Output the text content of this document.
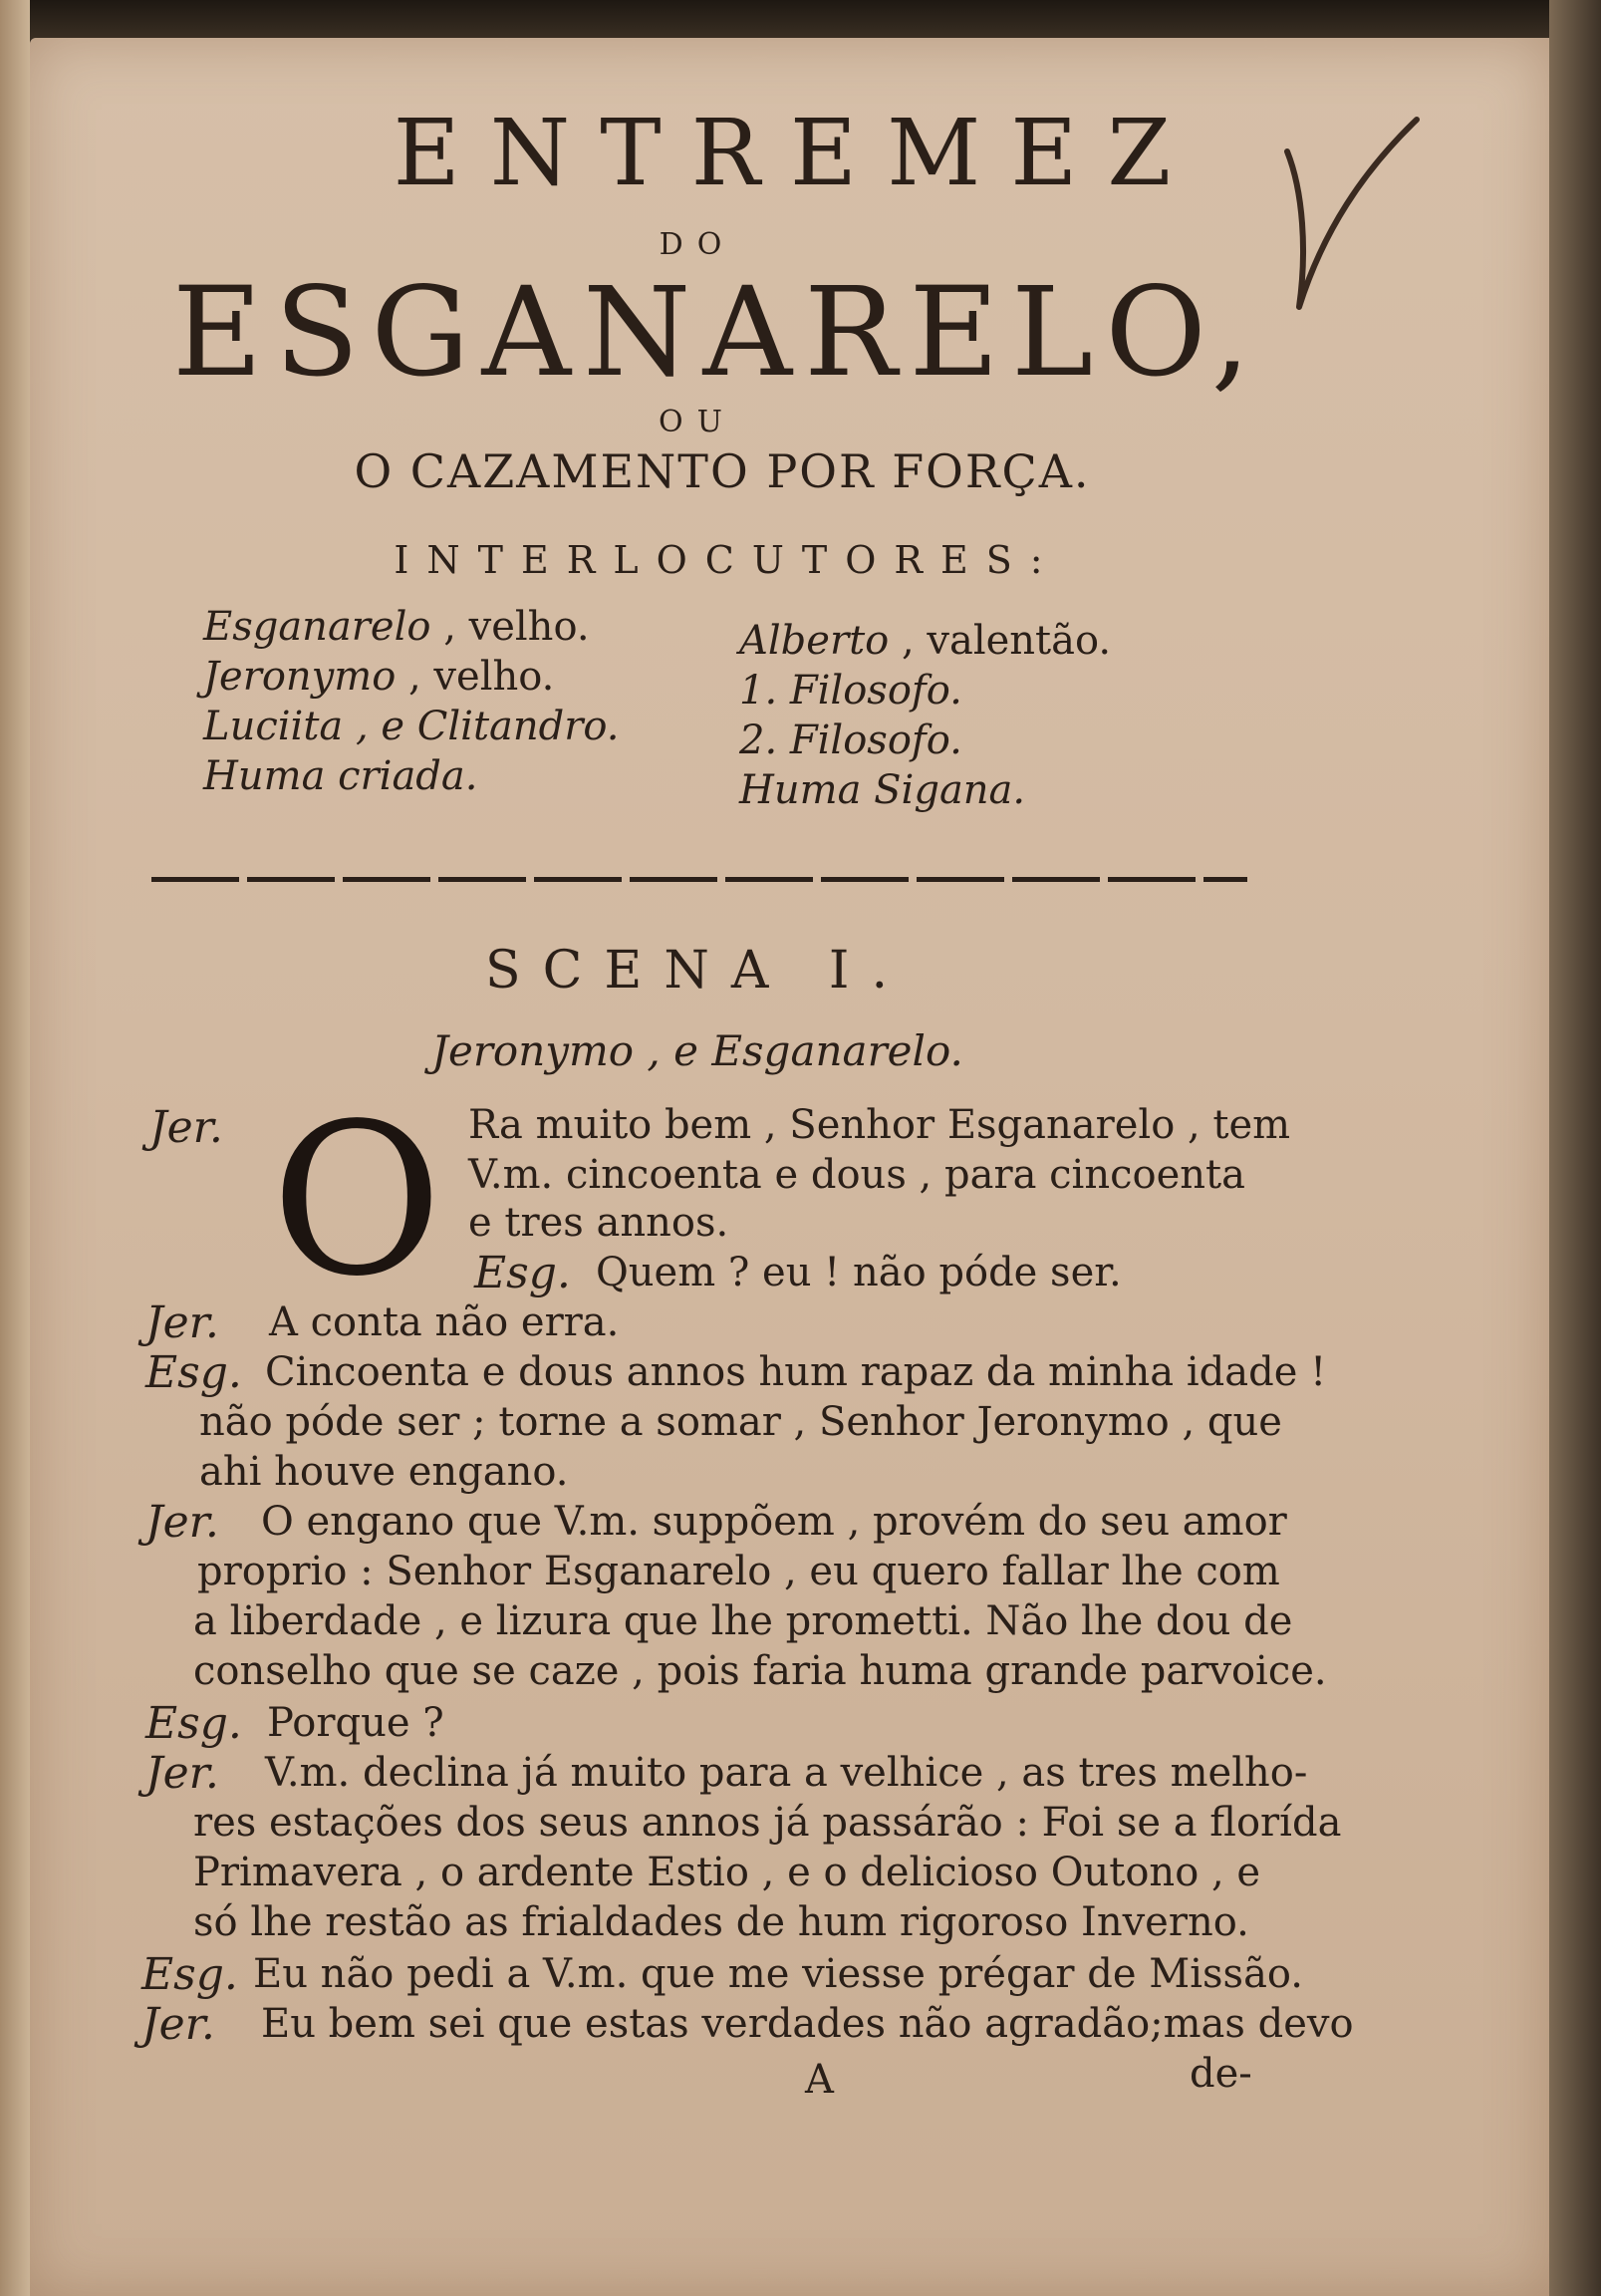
ENTREMEZ
DO
ESGANARELO,
OU
O CAZAMENTO POR FORÇA.
INTERLOCUTORES:
Esganarelo , velho.
Jeronymo , velho.
Luciita , e Clitandro.
Huma criada.
Alberto , valentão.
1. Filosofo.
2. Filosofo.
Huma Sigana.
SCENA I.
Jeronymo , e Esganarelo.
Jer. O Ra muito bem , Senhor Esganarelo , tem
V.m. cincoenta e dous , para cincoenta
e tres annos.
Esg. Quem ? eu ! não póde ser.
Jer. A conta não erra.
Esg. Cincoenta e dous annos hum rapaz da minha idade !
não póde ser ; torne a somar , Senhor Jeronymo , que
ahi houve engano.
Jer. O engano que V.m. suppõem , provém do seu amor
proprio : Senhor Esganarelo , eu quero fallar lhe com
a liberdade , e lizura que lhe prometti. Não lhe dou de
conselho que se caze , pois faria huma grande parvoice.
Esg. Porque ?
Jer. V.m. declina já muito para a velhice , as tres melho-
res estações dos seus annos já passárão : Foi se a florída
Primavera , o ardente Estio , e o delicioso Outono , e
só lhe restão as frialdades de hum rigoroso Inverno.
Esg. Eu não pedi a V.m. que me viesse prégar de Missão.
Jer. Eu bem sei que estas verdades não agradão;mas devo
A	de-
